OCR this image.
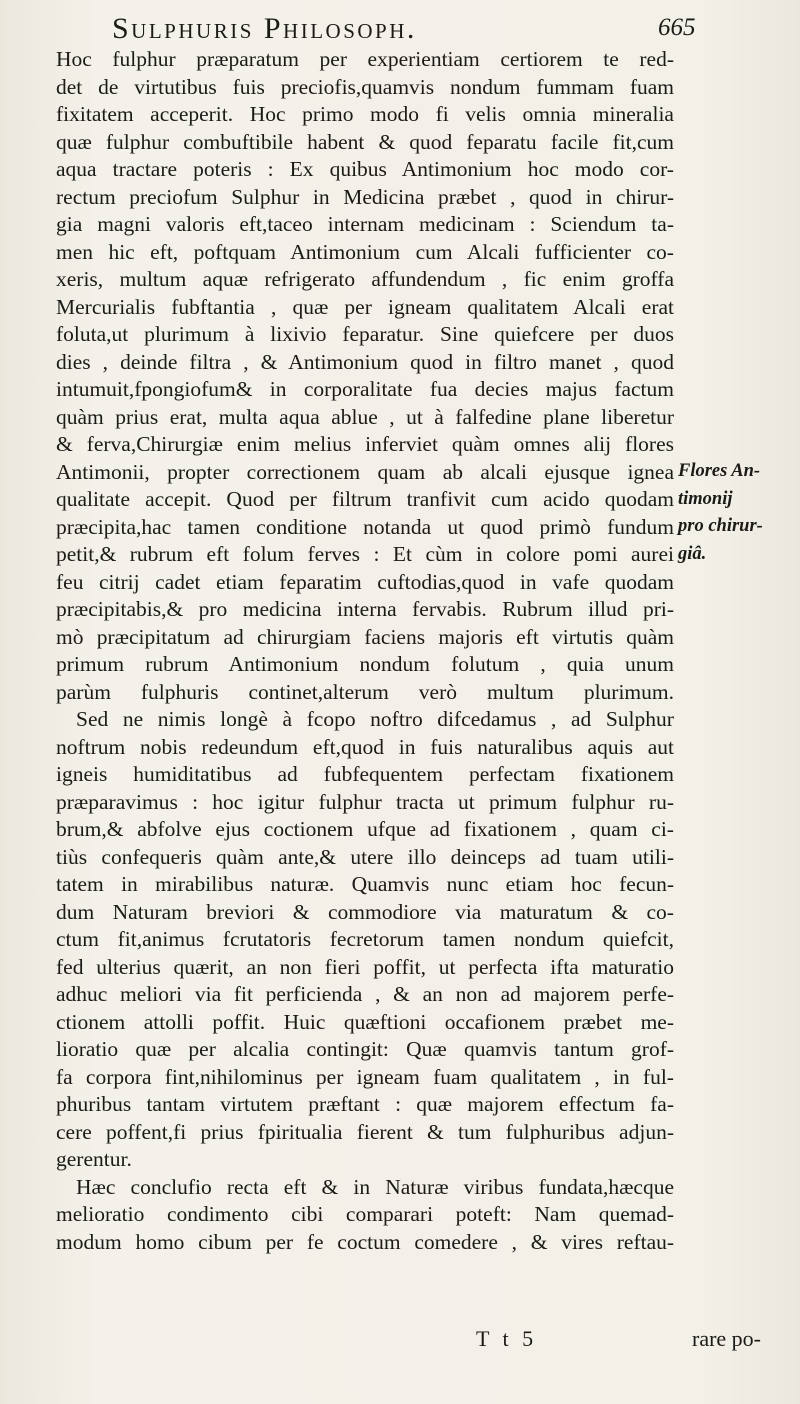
Sulphuris Philosoph.	665
Hoc fulphur præparatum per experientiam certiorem te red-
det de virtutibus fuis preciofis,quamvis nondum fummam fuam
fixitatem acceperit. Hoc primo modo fi velis omnia mineralia
quæ fulphur combuftibile habent & quod feparatu facile fit,cum
aqua tractare poteris : Ex quibus Antimonium hoc modo cor-
rectum preciofum Sulphur in Medicina præbet , quod in chirur-
gia magni valoris eft,taceo internam medicinam : Sciendum ta-
men hic eft, poftquam Antimonium cum Alcali fufficienter co-
xeris, multum aquæ refrigerato affundendum , fic enim groffa
Mercurialis fubftantia , quæ per igneam qualitatem Alcali erat
foluta,ut plurimum à lixivio feparatur. Sine quiefcere per duos
dies , deinde filtra , & Antimonium quod in filtro manet , quod
intumuit,fpongiofum& in corporalitate fua decies majus factum
quàm prius erat, multa aqua ablue , ut à falfedine plane liberetur
& ferva,Chirurgiæ enim melius inferviet quàm omnes alij flores
Antimonii, propter correctionem quam ab alcali ejusque ignea
qualitate accepit. Quod per filtrum tranfivit cum acido quodam
præcipita,hac tamen conditione notanda ut quod primò fundum
petit,& rubrum eft folum ferves : Et cùm in colore pomi aurei
feu citrij cadet etiam feparatim cuftodias,quod in vafe quodam
præcipitabis,& pro medicina interna fervabis. Rubrum illud pri-
mò præcipitatum ad chirurgiam faciens majoris eft virtutis quàm
primum rubrum Antimonium nondum folutum , quia unum
parùm fulphuris continet,alterum verò multum plurimum.
Sed ne nimis longè à fcopo noftro difcedamus , ad Sulphur
noftrum nobis redeundum eft,quod in fuis naturalibus aquis aut
igneis humiditatibus ad fubfequentem perfectam fixationem
præparavimus : hoc igitur fulphur tracta ut primum fulphur ru-
brum,& abfolve ejus coctionem ufque ad fixationem , quam ci-
tiùs confequeris quàm ante,& utere illo deinceps ad tuam utili-
tatem in mirabilibus naturæ. Quamvis nunc etiam hoc fecun-
dum Naturam breviori & commodiore via maturatum & co-
ctum fit,animus fcrutatoris fecretorum tamen nondum quiefcit,
fed ulterius quærit, an non fieri poffit, ut perfecta ifta maturatio
adhuc meliori via fit perficienda , & an non ad majorem perfe-
ctionem attolli poffit. Huic quæftioni occafionem præbet me-
lioratio quæ per alcalia contingit: Quæ quamvis tantum grof-
fa corpora fint,nihilominus per igneam fuam qualitatem , in ful-
phuribus tantam virtutem præftant : quæ majorem effectum fa-
cere poffent,fi prius fpiritualia fierent & tum fulphuribus adjun-
gerentur.
Hæc conclufio recta eft & in Naturæ viribus fundata,hæcque
melioratio condimento cibi comparari poteft: Nam quemad-
modum homo cibum per fe coctum comedere , & vires reftau-
Flores An-
timonij
pro chirur-
giâ.
T t 5	rare po-
